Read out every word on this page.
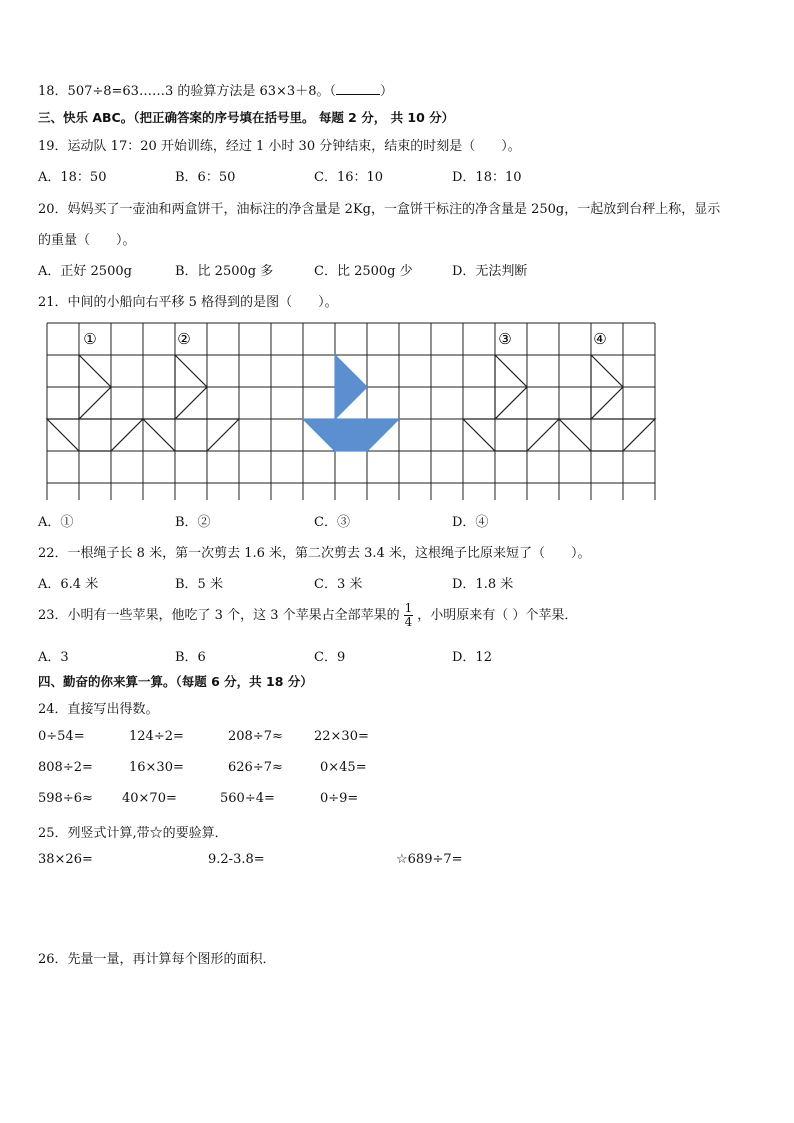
18．507÷8=63……3 的验算方法是 63×3＋8。（	）
三、快乐 ABC。（把正确答案的序号填在括号里。 每题 2 分， 共 10 分）
19．运动队 17：20 开始训练，经过 1 小时 30 分钟结束，结束的时刻是（　　）。
A．18：50	B．6：50	C．16：10	D．18：10
20．妈妈买了一壶油和两盒饼干，油标注的净含量是 2Kg，一盒饼干标注的净含量是 250g，一起放到台秤上称，显示
的重量（　　）。
A．正好 2500g	B．比 2500g 多	C．比 2500g 少	D．无法判断
21．中间的小船向右平移 5 格得到的是图（　　）。
①	②	③	④
A．①	B．②	C．③	D．④
22．一根绳子长 8 米，第一次剪去 1.6 米，第二次剪去 3.4 米，这根绳子比原来短了（　　）。
A．6.4 米	B．5 米	C．3 米	D．1.8 米
23．小明有一些苹果，他吃了 3 个，这 3 个苹果占全部苹果的 $\frac{1}{4}$ ，小明原来有（ ）个苹果．
A．3	B．6	C．9	D．12
四、勤奋的你来算一算。（每题 6 分，共 18 分）
24．直接写出得数。
0÷54=	124÷2=	208÷7≈ 22×30=
808÷2=	16×30=	626÷7≈	0×45=
598÷6≈ 40×70=	560÷4=	0÷9=
25．列竖式计算,带☆的要验算．
38×26=	9.2-3.8=	☆689÷7=
26．先量一量，再计算每个图形的面积．
